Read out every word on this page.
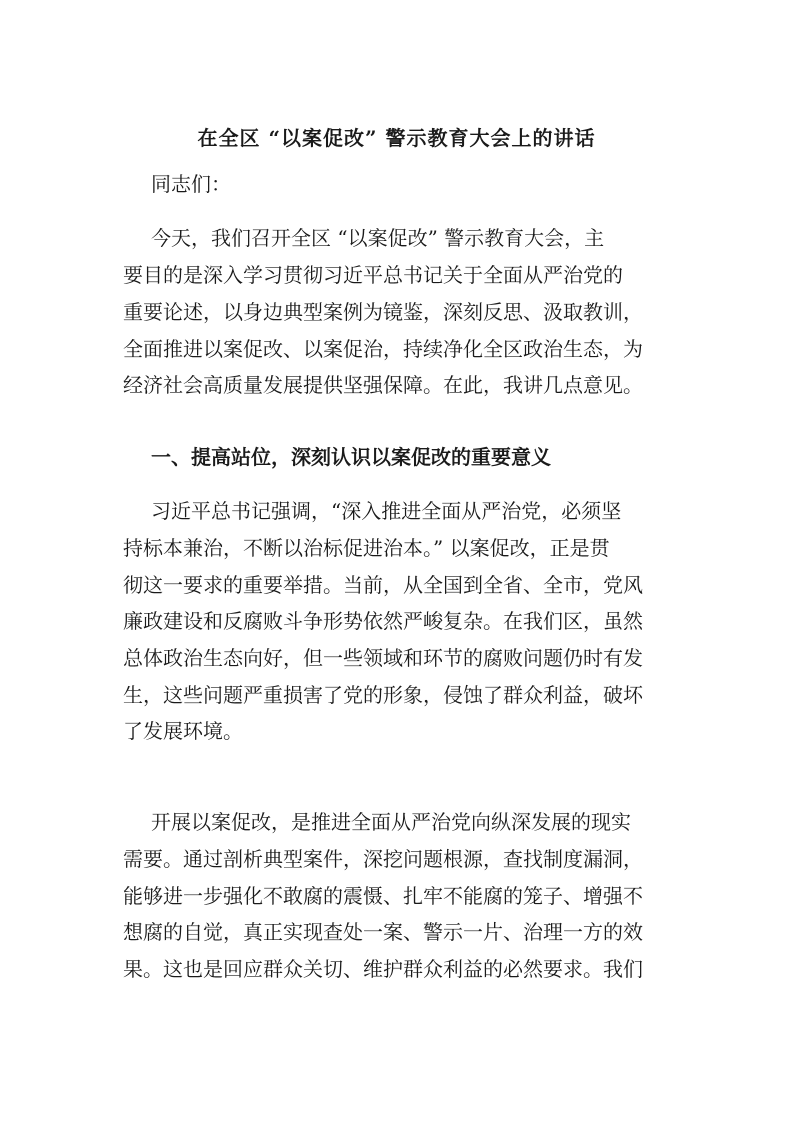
在全区 “以案促改” 警示教育大会上的讲话
同志们：
今天，我们召开全区 “以案促改” 警示教育大会，主
要目的是深入学习贯彻习近平总书记关于全面从严治党的
重要论述，以身边典型案例为镜鉴，深刻反思、汲取教训，
全面推进以案促改、以案促治，持续净化全区政治生态，为
经济社会高质量发展提供坚强保障。在此，我讲几点意见。
一、提高站位，深刻认识以案促改的重要意义
习近平总书记强调，“深入推进全面从严治党，必须坚
持标本兼治，不断以治标促进治本。” 以案促改，正是贯
彻这一要求的重要举措。当前，从全国到全省、全市，党风
廉政建设和反腐败斗争形势依然严峻复杂。在我们区，虽然
总体政治生态向好，但一些领域和环节的腐败问题仍时有发
生，这些问题严重损害了党的形象，侵蚀了群众利益，破坏
了发展环境。
开展以案促改，是推进全面从严治党向纵深发展的现实
需要。通过剖析典型案件，深挖问题根源，查找制度漏洞，
能够进一步强化不敢腐的震慑、扎牢不能腐的笼子、增强不
想腐的自觉，真正实现查处一案、警示一片、治理一方的效
果。这也是回应群众关切、维护群众利益的必然要求。我们
